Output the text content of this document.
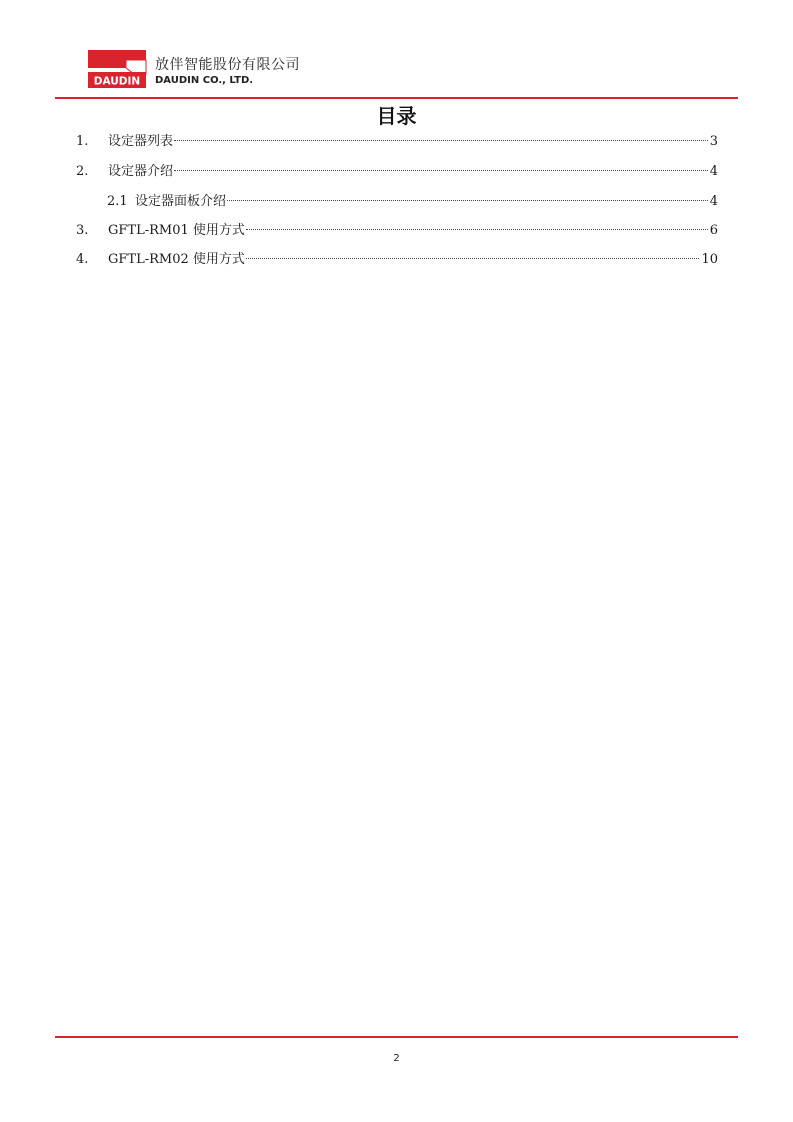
DAUDIN
放伴智能股份有限公司
DAUDIN CO., LTD.
目录
1.	设定器列表	3
2.	设定器介绍	4
2.1 设定器面板介绍	4
3.	GFTL-RM01 使用方式	6
4.	GFTL-RM02 使用方式	10
2
